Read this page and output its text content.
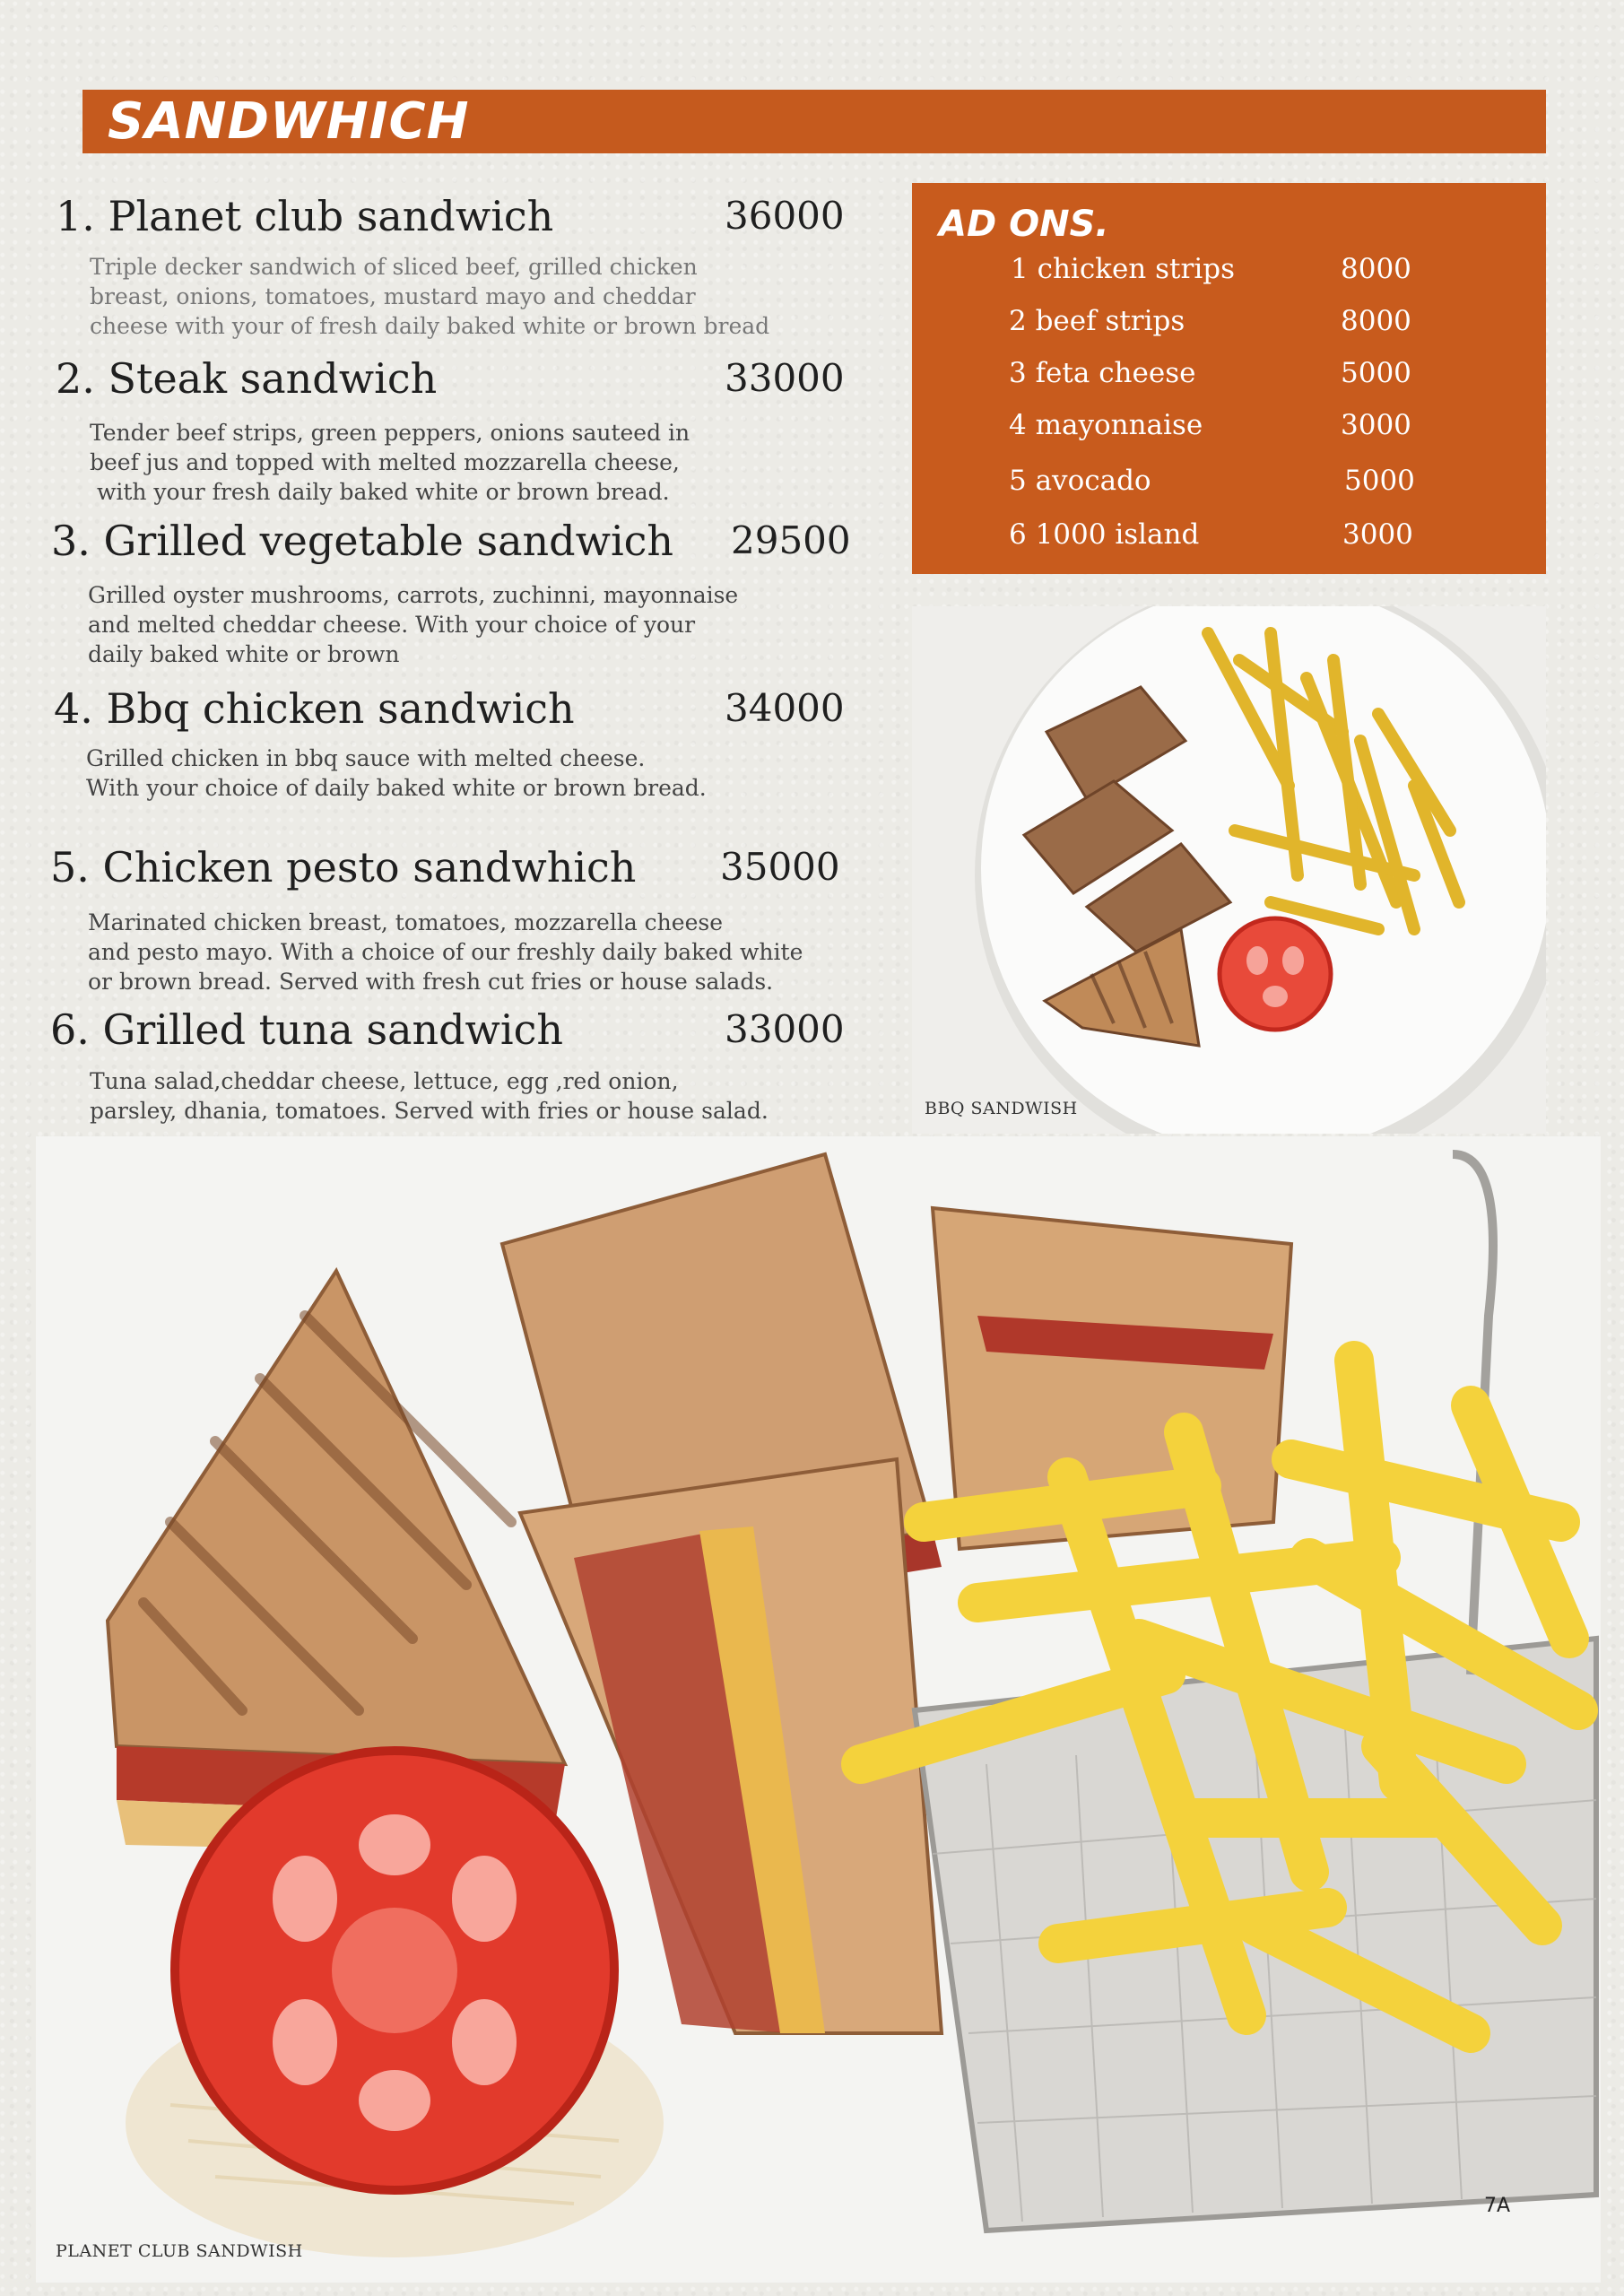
SANDWHICH
1. Planet club sandwich	36000
Triple decker sandwich of sliced beef, grilled chicken
breast, onions, tomatoes, mustard mayo and cheddar
cheese with your of fresh daily baked white or brown bread
2. Steak sandwich	33000
Tender beef strips, green peppers, onions sauteed in
beef jus and topped with melted mozzarella cheese,
with your fresh daily baked white or brown bread.
3. Grilled vegetable sandwich 29500
Grilled oyster mushrooms, carrots, zuchinni, mayonnaise
and melted cheddar cheese. With your choice of your
daily baked white or brown
4. Bbq chicken sandwich	34000
Grilled chicken in bbq sauce with melted cheese.
With your choice of daily baked white or brown bread.
5. Chicken pesto sandwhich 35000
Marinated chicken breast, tomatoes, mozzarella cheese
and pesto mayo. With a choice of our freshly daily baked white
or brown bread. Served with fresh cut fries or house salads.
6. Grilled tuna sandwich	33000
Tuna salad,cheddar cheese, lettuce, egg ,red onion,
parsley, dhania, tomatoes. Served with fries or house salad.
AD ONS.
1 chicken strips	8000
2 beef strips	8000
3 feta cheese	5000
4 mayonnaise	3000
5 avocado	5000
6 1000 island	3000
BBQ SANDWISH
PLANET CLUB SANDWISH
7A
